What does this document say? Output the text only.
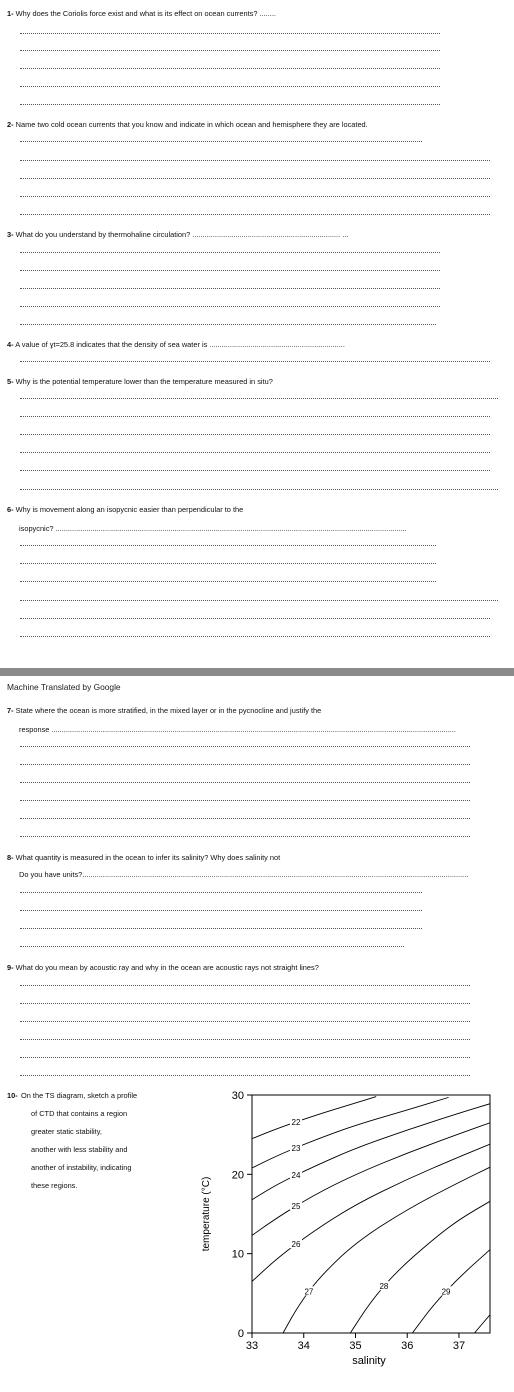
1- Why does the Coriolis force exist and what is its effect on ocean currents? ........
2- Name two cold ocean currents that you know and indicate in which ocean and hemisphere they are located.
3- What do you understand by thermohaline circulation? ........................................................................ ...
4- A value of ɣt=25.8 indicates that the density of sea water is ..................................................................
5- Why is the potential temperature lower than the temperature measured in situ?
6- Why is movement along an isopycnic easier than perpendicular to the
isopycnic? ...........................................................................................................................................................................
Machine Translated by Google
7- State where the ocean is more stratified, in the mixed layer or in the pycnocline and justify the
response .....................................................................................................................................................................................................
8- What quantity is measured in the ocean to infer its salinity? Why does salinity not
Do you have units?............................................................................................................................................................................................
9- What do you mean by acoustic ray and why in the ocean are acoustic rays not straight lines?
10- On the TS diagram, sketch a profile
of CTD that contains a region
greater static stability,
another with less stability and
another of instability, indicating
these regions.
0
10
20
30
33	34	35	36	37
salinity
temperature (°C)
22
23
24
25
26
27
28
29
